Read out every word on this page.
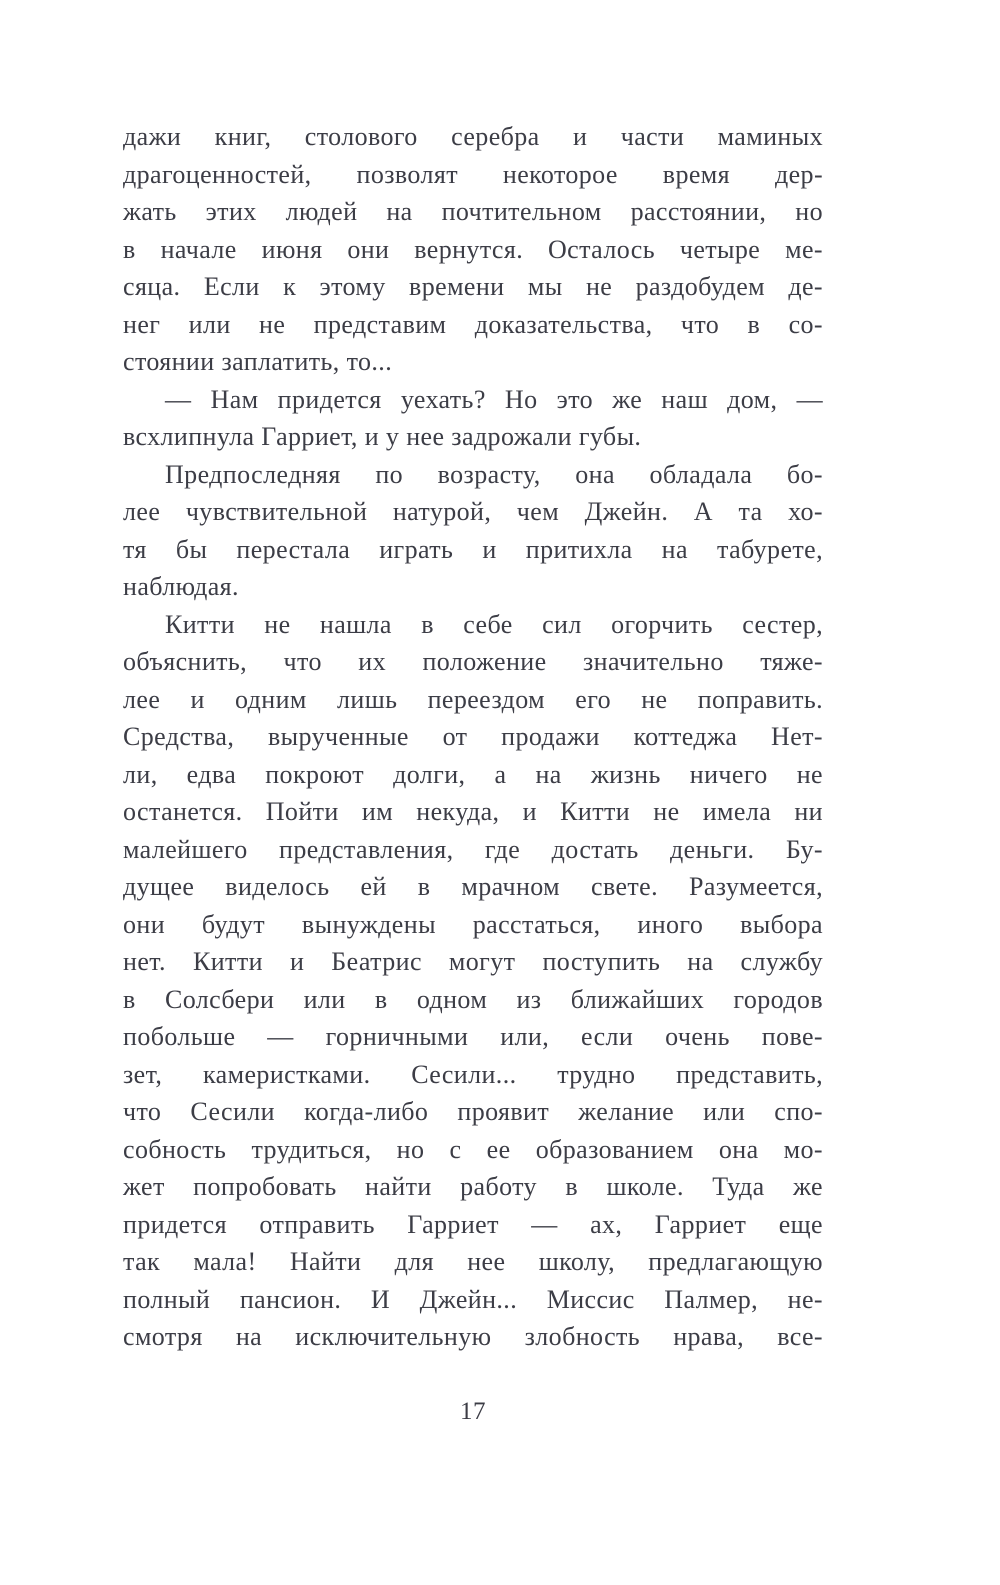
дажи книг, столового серебра и части маминых
драгоценностей, позволят некоторое время дер-
жать этих людей на почтительном расстоянии, но
в начале июня они вернутся. Осталось четыре ме-
сяца. Если к этому времени мы не раздобудем де-
нег или не представим доказательства, что в со-
стоянии заплатить, то...
— Нам придется уехать? Но это же наш дом, —
всхлипнула Гарриет, и у нее задрожали губы.
Предпоследняя по возрасту, она обладала бо-
лее чувствительной натурой, чем Джейн. А та хо-
тя бы перестала играть и притихла на табурете,
наблюдая.
Китти не нашла в себе сил огорчить сестер,
объяснить, что их положение значительно тяже-
лее и одним лишь переездом его не поправить.
Средства, вырученные от продажи коттеджа Нет-
ли, едва покроют долги, а на жизнь ничего не
останется. Пойти им некуда, и Китти не имела ни
малейшего представления, где достать деньги. Бу-
дущее виделось ей в мрачном свете. Разумеется,
они будут вынуждены расстаться, иного выбора
нет. Китти и Беатрис могут поступить на службу
в Солсбери или в одном из ближайших городов
побольше — горничными или, если очень пове-
зет, камеристками. Сесили... трудно представить,
что Сесили когда-либо проявит желание или спо-
собность трудиться, но с ее образованием она мо-
жет попробовать найти работу в школе. Туда же
придется отправить Гарриет — ах, Гарриет еще
так мала! Найти для нее школу, предлагающую
полный пансион. И Джейн... Миссис Палмер, не-
смотря на исключительную злобность нрава, все-
17
